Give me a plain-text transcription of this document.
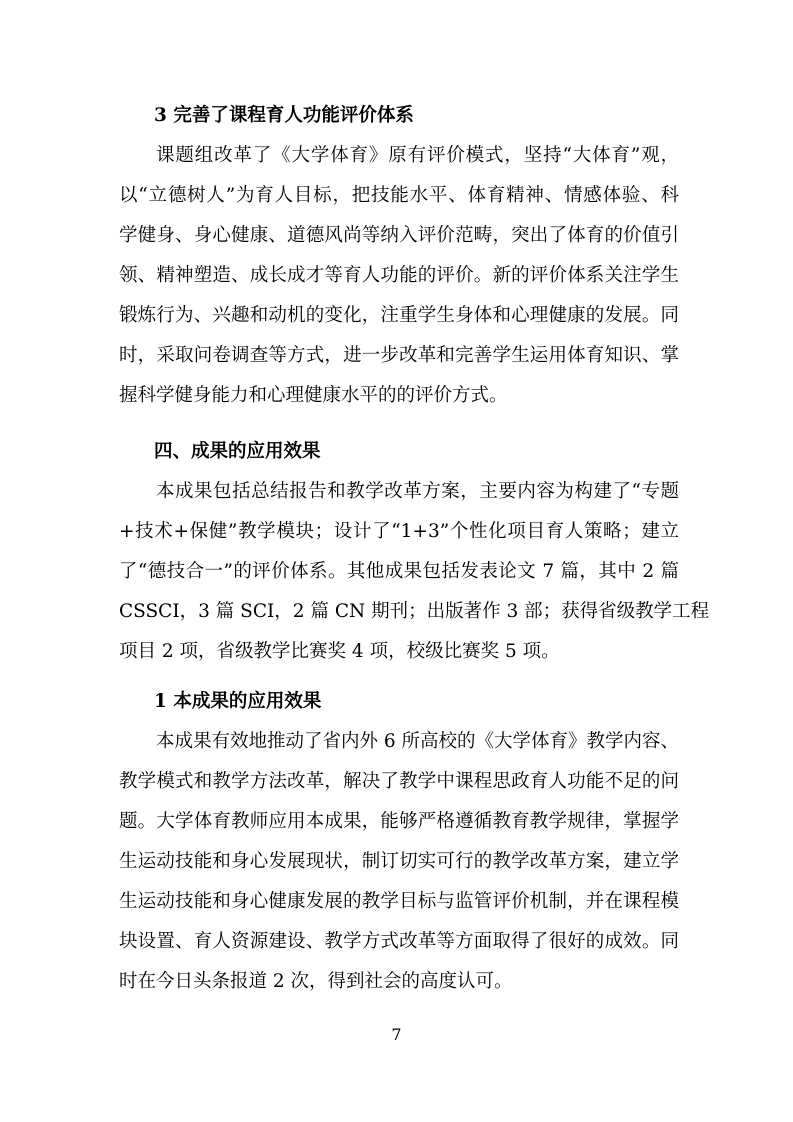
3 完善了课程育人功能评价体系
课题组改革了《大学体育》原有评价模式，坚持“大体育”观，
以“立德树人”为育人目标，把技能水平、体育精神、情感体验、科
学健身、身心健康、道德风尚等纳入评价范畴，突出了体育的价值引
领、精神塑造、成长成才等育人功能的评价。新的评价体系关注学生
锻炼行为、兴趣和动机的变化，注重学生身体和心理健康的发展。同
时，采取问卷调查等方式，进一步改革和完善学生运用体育知识、掌
握科学健身能力和心理健康水平的的评价方式。
四、成果的应用效果
本成果包括总结报告和教学改革方案，主要内容为构建了“专题
+技术+保健”教学模块；设计了“1+3”个性化项目育人策略；建立
了“德技合一”的评价体系。其他成果包括发表论文 7 篇，其中 2 篇
CSSCI，3 篇 SCI，2 篇 CN 期刊；出版著作 3 部；获得省级教学工程
项目 2 项，省级教学比赛奖 4 项，校级比赛奖 5 项。
1 本成果的应用效果
本成果有效地推动了省内外 6 所高校的《大学体育》教学内容、
教学模式和教学方法改革，解决了教学中课程思政育人功能不足的问
题。大学体育教师应用本成果，能够严格遵循教育教学规律，掌握学
生运动技能和身心发展现状，制订切实可行的教学改革方案，建立学
生运动技能和身心健康发展的教学目标与监管评价机制，并在课程模
块设置、育人资源建设、教学方式改革等方面取得了很好的成效。同
时在今日头条报道 2 次，得到社会的高度认可。
7
